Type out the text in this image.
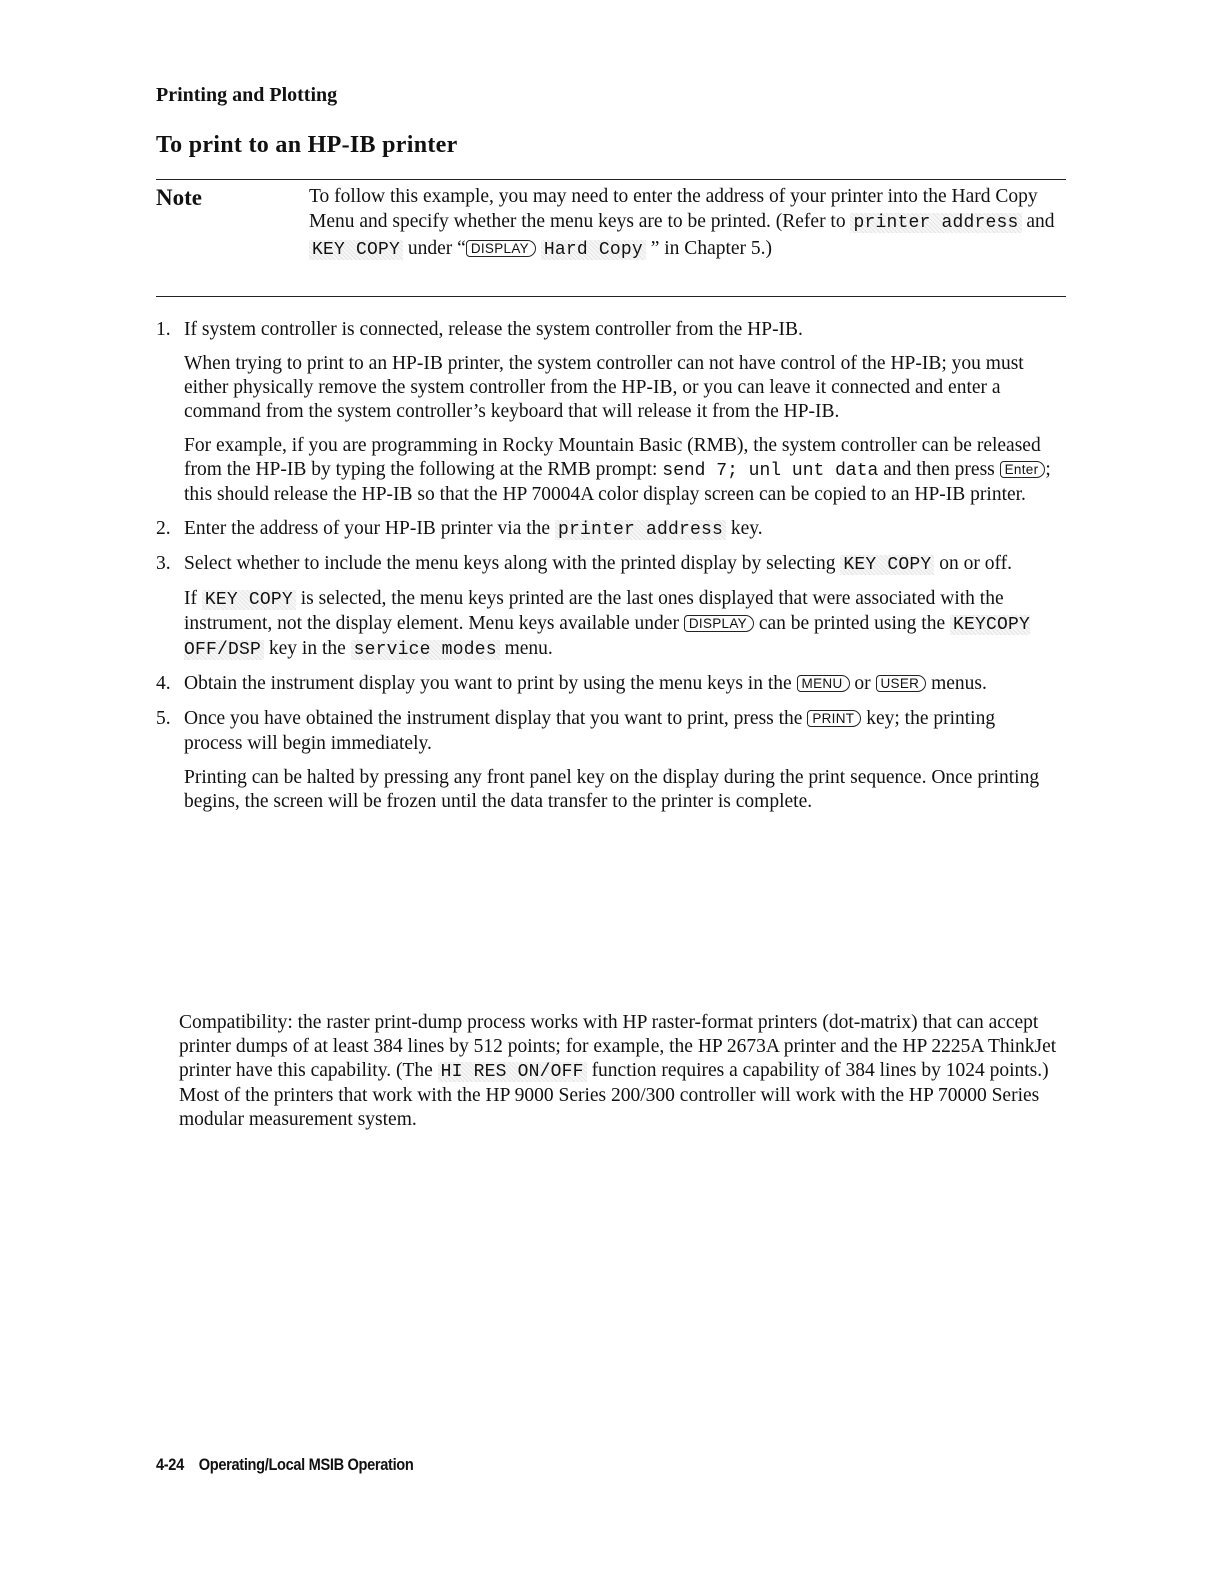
Printing and Plotting
To print to an HP-IB printer
Note	To follow this example, you may need to enter the address of your printer into the Hard Copy Menu and specify whether the menu keys are to be printed. (Refer to printer address and KEY COPY under “ DISPLAY Hard Copy ” in Chapter 5.)
1. If system controller is connected, release the system controller from the HP-IB.

When trying to print to an HP-IB printer, the system controller can not have control of the HP-IB; you must either physically remove the system controller from the HP-IB, or you can leave it connected and enter a command from the system controller’s keyboard that will release it from the HP-IB.

For example, if you are programming in Rocky Mountain Basic (RMB), the system controller can be released from the HP-IB by typing the following at the RMB prompt: send 7; unl unt data and then press Enter ; this should release the HP-IB so that the HP 70004A color display screen can be copied to an HP-IB printer.

2. Enter the address of your HP-IB printer via the printer address key.

3. Select whether to include the menu keys along with the printed display by selecting KEY COPY on or off.

If KEY COPY is selected, the menu keys printed are the last ones displayed that were associated with the instrument, not the display element. Menu keys available under DISPLAY can be printed using the KEYCOPY OFF/DSP key in the service modes menu.

4. Obtain the instrument display you want to print by using the menu keys in the MENU or USER menus.

5. Once you have obtained the instrument display that you want to print, press the PRINT key; the printing process will begin immediately.

Printing can be halted by pressing any front panel key on the display during the print sequence. Once printing begins, the screen will be frozen until the data transfer to the printer is complete.

Compatibility: the raster print-dump process works with HP raster-format printers (dot-matrix) that can accept printer dumps of at least 384 lines by 512 points; for example, the HP 2673A printer and the HP 2225A ThinkJet printer have this capability. (The HI RES ON/OFF function requires a capability of 384 lines by 1024 points.) Most of the printers that work with the HP 9000 Series 200/300 controller will work with the HP 70000 Series modular measurement system.

4-24 Operating/Local MSIB Operation
